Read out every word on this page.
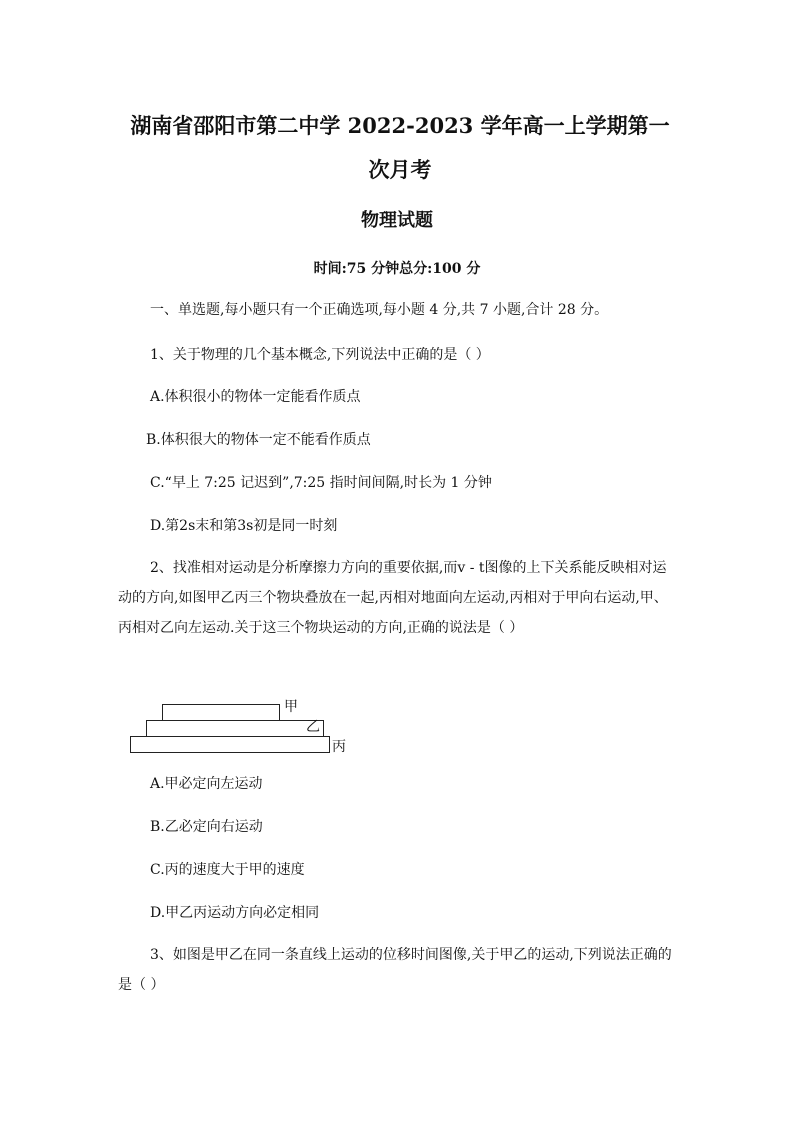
湖南省邵阳市第二中学 2022-2023 学年高一上学期第一次月考
物理试题
时间:75 分钟总分:100 分
一、单选题,每小题只有一个正确选项,每小题 4 分,共 7 小题,合计 28 分。
1、关于物理的几个基本概念,下列说法中正确的是（ ）
A.体积很小的物体一定能看作质点
B.体积很大的物体一定不能看作质点
C.“早上 7:25 记迟到”,7:25 指时间间隔,时长为 1 分钟
D.第2s末和第3s初是同一时刻
2、找准相对运动是分析摩擦力方向的重要依据,而v - t图像的上下关系能反映相对运动的方向,如图甲乙丙三个物块叠放在一起,丙相对地面向左运动,丙相对于甲向右运动,甲、丙相对乙向左运动.关于这三个物块运动的方向,正确的说法是（ ）
甲
乙
丙
A.甲必定向左运动
B.乙必定向右运动
C.丙的速度大于甲的速度
D.甲乙丙运动方向必定相同
3、如图是甲乙在同一条直线上运动的位移时间图像,关于甲乙的运动,下列说法正确的是（ ）
